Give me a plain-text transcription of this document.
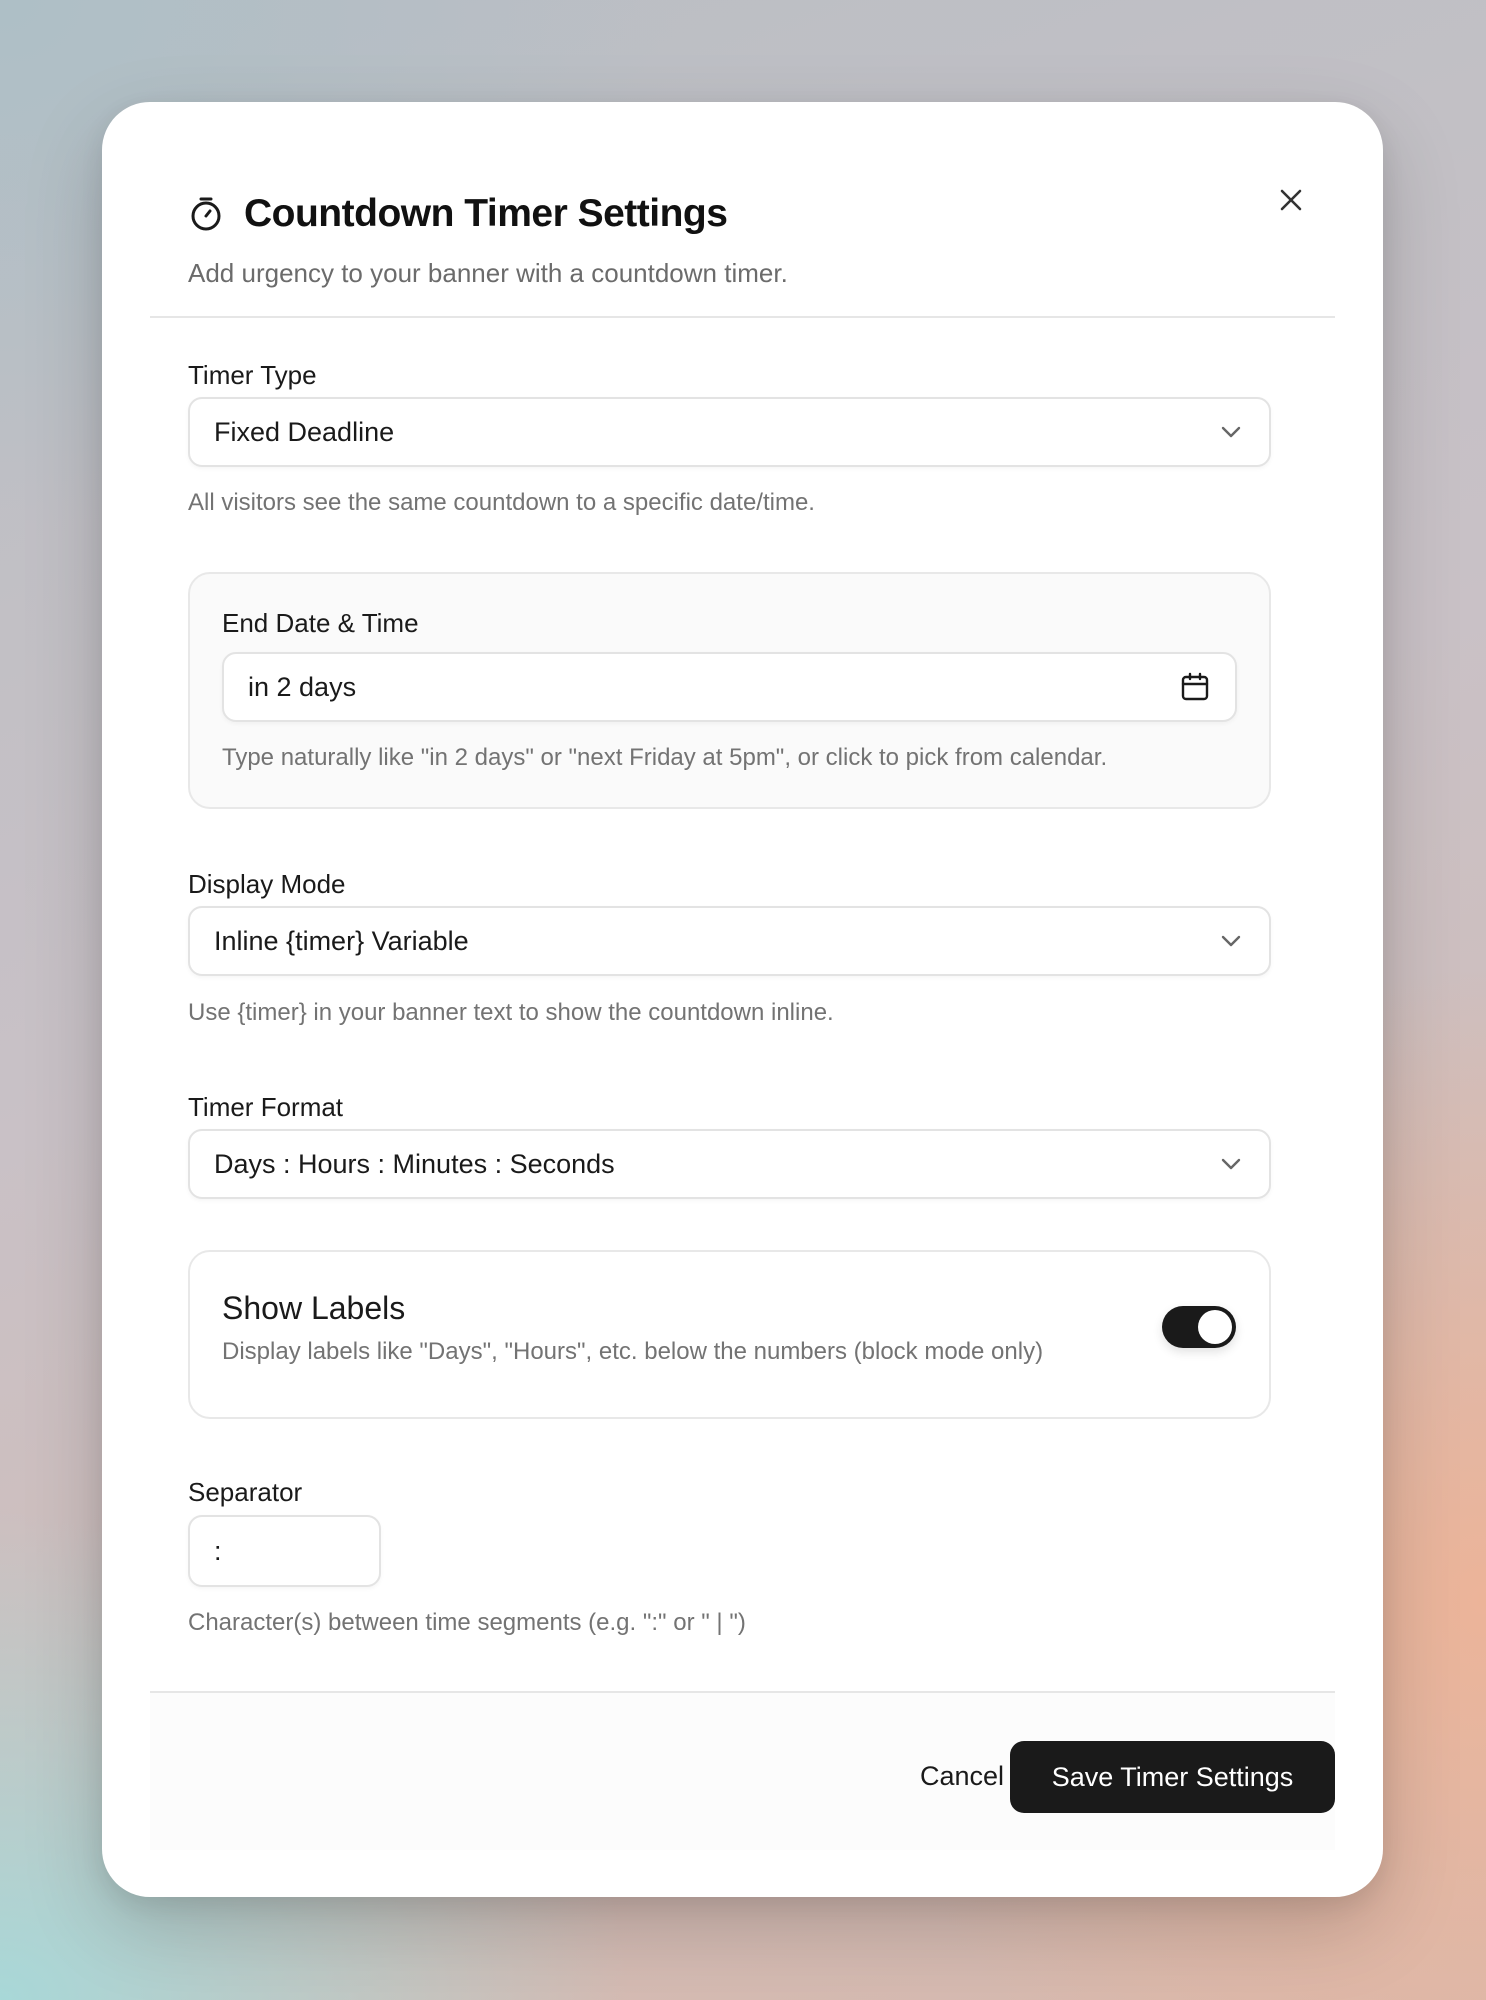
Countdown Timer Settings
Add urgency to your banner with a countdown timer.
Timer Type
Fixed Deadline
All visitors see the same countdown to a specific date/time.
End Date & Time
in 2 days
Type naturally like "in 2 days" or "next Friday at 5pm", or click to pick from calendar.
Display Mode
Inline {timer} Variable
Use {timer} in your banner text to show the countdown inline.
Timer Format
Days : Hours : Minutes : Seconds
Show Labels
Display labels like "Days", "Hours", etc. below the numbers (block mode only)
Separator
:
Character(s) between time segments (e.g. ":" or " | ")
Cancel	Save Timer Settings
